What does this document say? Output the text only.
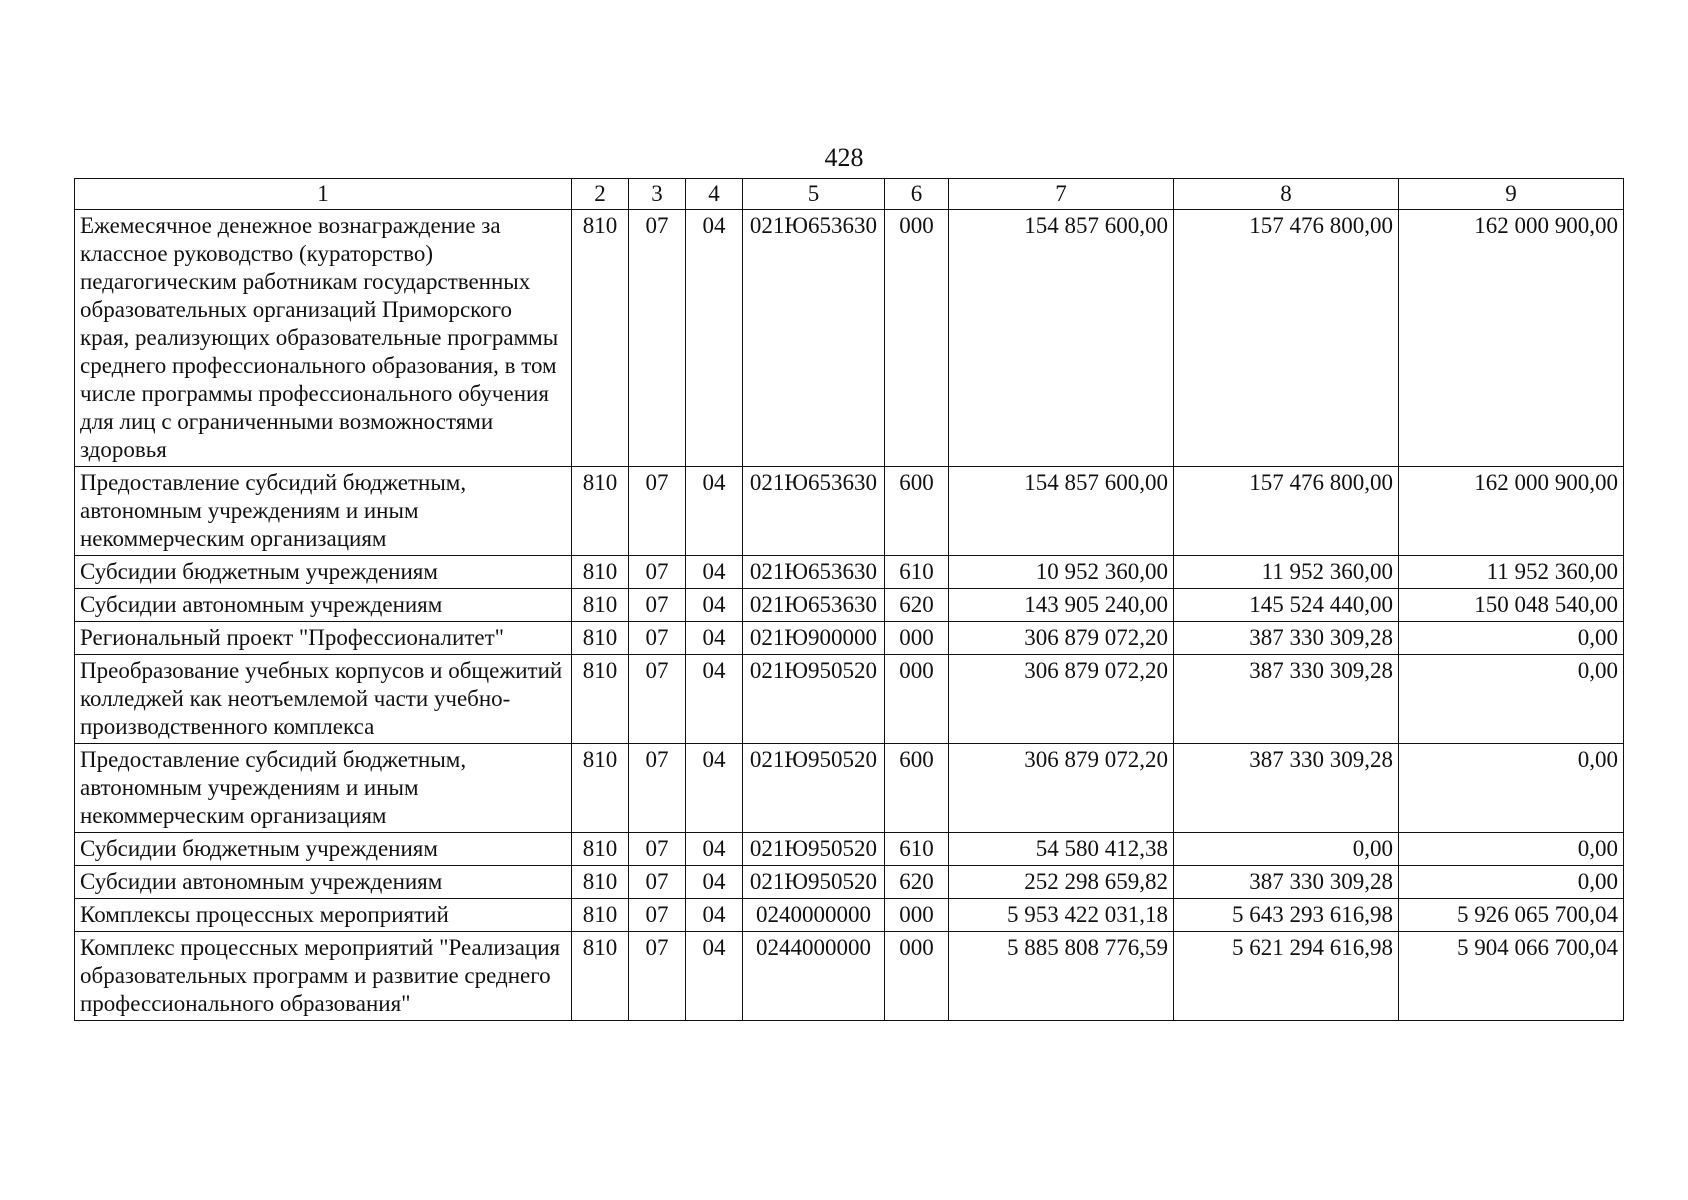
428
1	2	3	4	5	6	7	8	9
Ежемесячное денежное вознаграждение за классное руководство (кураторство) педагогическим работникам государственных образовательных организаций Приморского края, реализующих образовательные программы среднего профессионального образования, в том числе программы профессионального обучения для лиц с ограниченными возможностями здоровья	810	07	04	021Ю653630	000	154 857 600,00	157 476 800,00	162 000 900,00
Предоставление субсидий бюджетным, автономным учреждениям и иным некоммерческим организациям	810	07	04	021Ю653630	600	154 857 600,00	157 476 800,00	162 000 900,00
Субсидии бюджетным учреждениям	810	07	04	021Ю653630	610	10 952 360,00	11 952 360,00	11 952 360,00
Субсидии автономным учреждениям	810	07	04	021Ю653630	620	143 905 240,00	145 524 440,00	150 048 540,00
Региональный проект "Профессионалитет"	810	07	04	021Ю900000	000	306 879 072,20	387 330 309,28	0,00
Преобразование учебных корпусов и общежитий колледжей как неотъемлемой части учебно-производственного комплекса	810	07	04	021Ю950520	000	306 879 072,20	387 330 309,28	0,00
Предоставление субсидий бюджетным, автономным учреждениям и иным некоммерческим организациям	810	07	04	021Ю950520	600	306 879 072,20	387 330 309,28	0,00
Субсидии бюджетным учреждениям	810	07	04	021Ю950520	610	54 580 412,38	0,00	0,00
Субсидии автономным учреждениям	810	07	04	021Ю950520	620	252 298 659,82	387 330 309,28	0,00
Комплексы процессных мероприятий	810	07	04	0240000000	000	5 953 422 031,18	5 643 293 616,98	5 926 065 700,04
Комплекс процессных мероприятий "Реализация образовательных программ и развитие среднего профессионального образования"	810	07	04	0244000000	000	5 885 808 776,59	5 621 294 616,98	5 904 066 700,04
